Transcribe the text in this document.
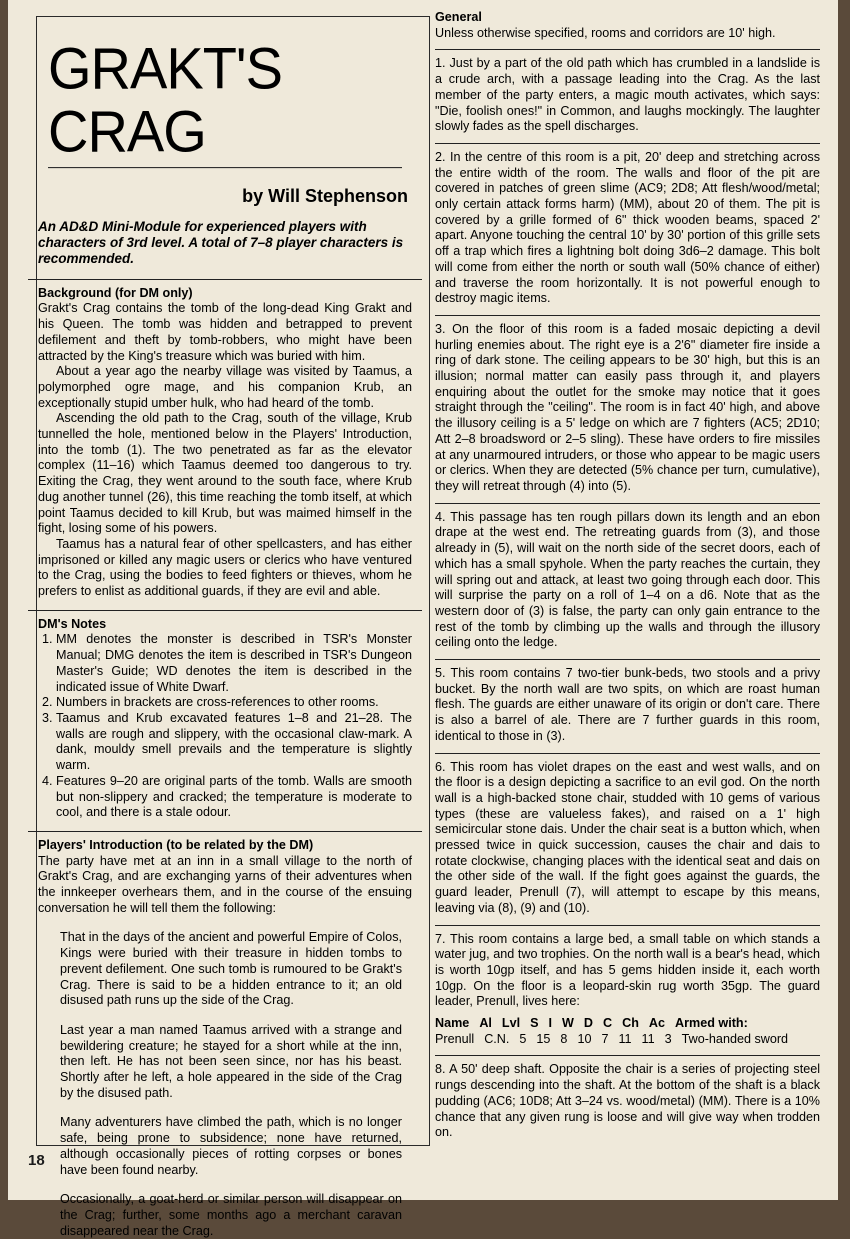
18
GRAKT'S CRAG
by Will Stephenson
An AD&D Mini-Module for experienced players with characters of 3rd level. A total of 7–8 player characters is recommended.
Background (for DM only)

Grakt's Crag contains the tomb of the long-dead King Grakt and his Queen. The tomb was hidden and betrapped to prevent defilement and theft by tomb-robbers, who might have been attracted by the King's treasure which was buried with him.

About a year ago the nearby village was visited by Taamus, a polymorphed ogre mage, and his companion Krub, an exceptionally stupid umber hulk, who had heard of the tomb.

Ascending the old path to the Crag, south of the village, Krub tunnelled the hole, mentioned below in the Players' Introduction, into the tomb (1). The two penetrated as far as the elevator complex (11–16) which Taamus deemed too dangerous to try. Exiting the Crag, they went around to the south face, where Krub dug another tunnel (26), this time reaching the tomb itself, at which point Taamus decided to kill Krub, but was maimed himself in the fight, losing some of his powers.

Taamus has a natural fear of other spellcasters, and has either imprisoned or killed any magic users or clerics who have ventured to the Crag, using the bodies to feed fighters or thieves, whom he prefers to enlist as additional guards, if they are evil and able.

DM's Notes
1. MM denotes the monster is described in TSR's Monster Manual; DMG denotes the item is described in TSR's Dungeon Master's Guide; WD denotes the item is described in the indicated issue of White Dwarf.
2. Numbers in brackets are cross-references to other rooms.
3. Taamus and Krub excavated features 1–8 and 21–28. The walls are rough and slippery, with the occasional claw-mark. A dank, mouldy smell prevails and the temperature is slightly warm.
4. Features 9–20 are original parts of the tomb. Walls are smooth but non-slippery and cracked; the temperature is moderate to cool, and there is a stale odour.
Players' Introduction (to be related by the DM)

The party have met at an inn in a small village to the north of Grakt's Crag, and are exchanging yarns of their adventures when the innkeeper overhears them, and in the course of the ensuing conversation he will tell them the following:

That in the days of the ancient and powerful Empire of Colos, Kings were buried with their treasure in hidden tombs to prevent defilement. One such tomb is rumoured to be Grakt's Crag. There is said to be a hidden entrance to it; an old disused path runs up the side of the Crag.

Last year a man named Taamus arrived with a strange and bewildering creature; he stayed for a short while at the inn, then left. He has not been seen since, nor has his beast. Shortly after he left, a hole appeared in the side of the Crag by the disused path.

Many adventurers have climbed the path, which is no longer safe, being prone to subsidence; none have returned, although occasionally pieces of rotting corpses or bones have been found nearby.

Occasionally, a goat-herd or similar person will disappear on the Crag; further, some months ago a merchant caravan disappeared near the Crag.

General

Unless otherwise specified, rooms and corridors are 10' high.

1. Just by a part of the old path which has crumbled in a landslide is a crude arch, with a passage leading into the Crag. As the last member of the party enters, a magic mouth activates, which says: "Die, foolish ones!" in Common, and laughs mockingly. The laughter slowly fades as the spell discharges.

2. In the centre of this room is a pit, 20' deep and stretching across the entire width of the room. The walls and floor of the pit are covered in patches of green slime (AC9; 2D8; Att flesh/wood/metal; only certain attack forms harm) (MM), about 20 of them. The pit is covered by a grille formed of 6" thick wooden beams, spaced 2' apart. Anyone touching the central 10' by 30' portion of this grille sets off a trap which fires a lightning bolt doing 3d6–2 damage. This bolt will come from either the north or south wall (50% chance of either) and traverse the room horizontally. It is not powerful enough to destroy magic items.

3. On the floor of this room is a faded mosaic depicting a devil hurling enemies about. The right eye is a 2'6" diameter fire inside a ring of dark stone. The ceiling appears to be 30' high, but this is an illusion; normal matter can easily pass through it, and players enquiring about the outlet for the smoke may notice that it goes straight through the "ceiling". The room is in fact 40' high, and above the illusory ceiling is a 5' ledge on which are 7 fighters (AC5; 2D10; Att 2–8 broadsword or 2–5 sling). These have orders to fire missiles at any unarmoured intruders, or those who appear to be magic users or clerics. When they are detected (5% chance per turn, cumulative), they will retreat through (4) into (5).

4. This passage has ten rough pillars down its length and an ebon drape at the west end. The retreating guards from (3), and those already in (5), will wait on the north side of the secret doors, each of which has a small spyhole. When the party reaches the curtain, they will spring out and attack, at least two going through each door. This will surprise the party on a roll of 1–4 on a d6. Note that as the western door of (3) is false, the party can only gain entrance to the rest of the tomb by climbing up the walls and through the illusory ceiling onto the ledge.

5. This room contains 7 two-tier bunk-beds, two stools and a privy bucket. By the north wall are two spits, on which are roast human flesh. The guards are either unaware of its origin or don't care. There is also a barrel of ale. There are 7 further guards in this room, identical to those in (3).

6. This room has violet drapes on the east and west walls, and on the floor is a design depicting a sacrifice to an evil god. On the north wall is a high-backed stone chair, studded with 10 gems of various types (these are valueless fakes), and raised on a 1' high semicircular stone dais. Under the chair seat is a button which, when pressed twice in quick succession, causes the chair and dais to rotate clockwise, changing places with the identical seat and dais on the other side of the wall. If the fight goes against the guards, the guard leader, Prenull (7), will attempt to escape by this means, leaving via (8), (9) and (10).

7. This room contains a large bed, a small table on which stands a water jug, and two trophies. On the north wall is a bear's head, which is worth 10gp itself, and has 5 gems hidden inside it, each worth 10gp. On the floor is a leopard-skin rug worth 35gp. The guard leader, Prenull, lives here:

Name Al Lvl S I W D C Ch Ac Armed with:
Prenull C.N. 5 15 8 10 7 11 11 3 Two-handed sword

8. A 50' deep shaft. Opposite the chair is a series of projecting steel rungs descending into the shaft. At the bottom of the shaft is a black pudding (AC6; 10D8; Att 3–24 vs. wood/metal) (MM). There is a 10% chance that any given rung is loose and will give way when trodden on.
